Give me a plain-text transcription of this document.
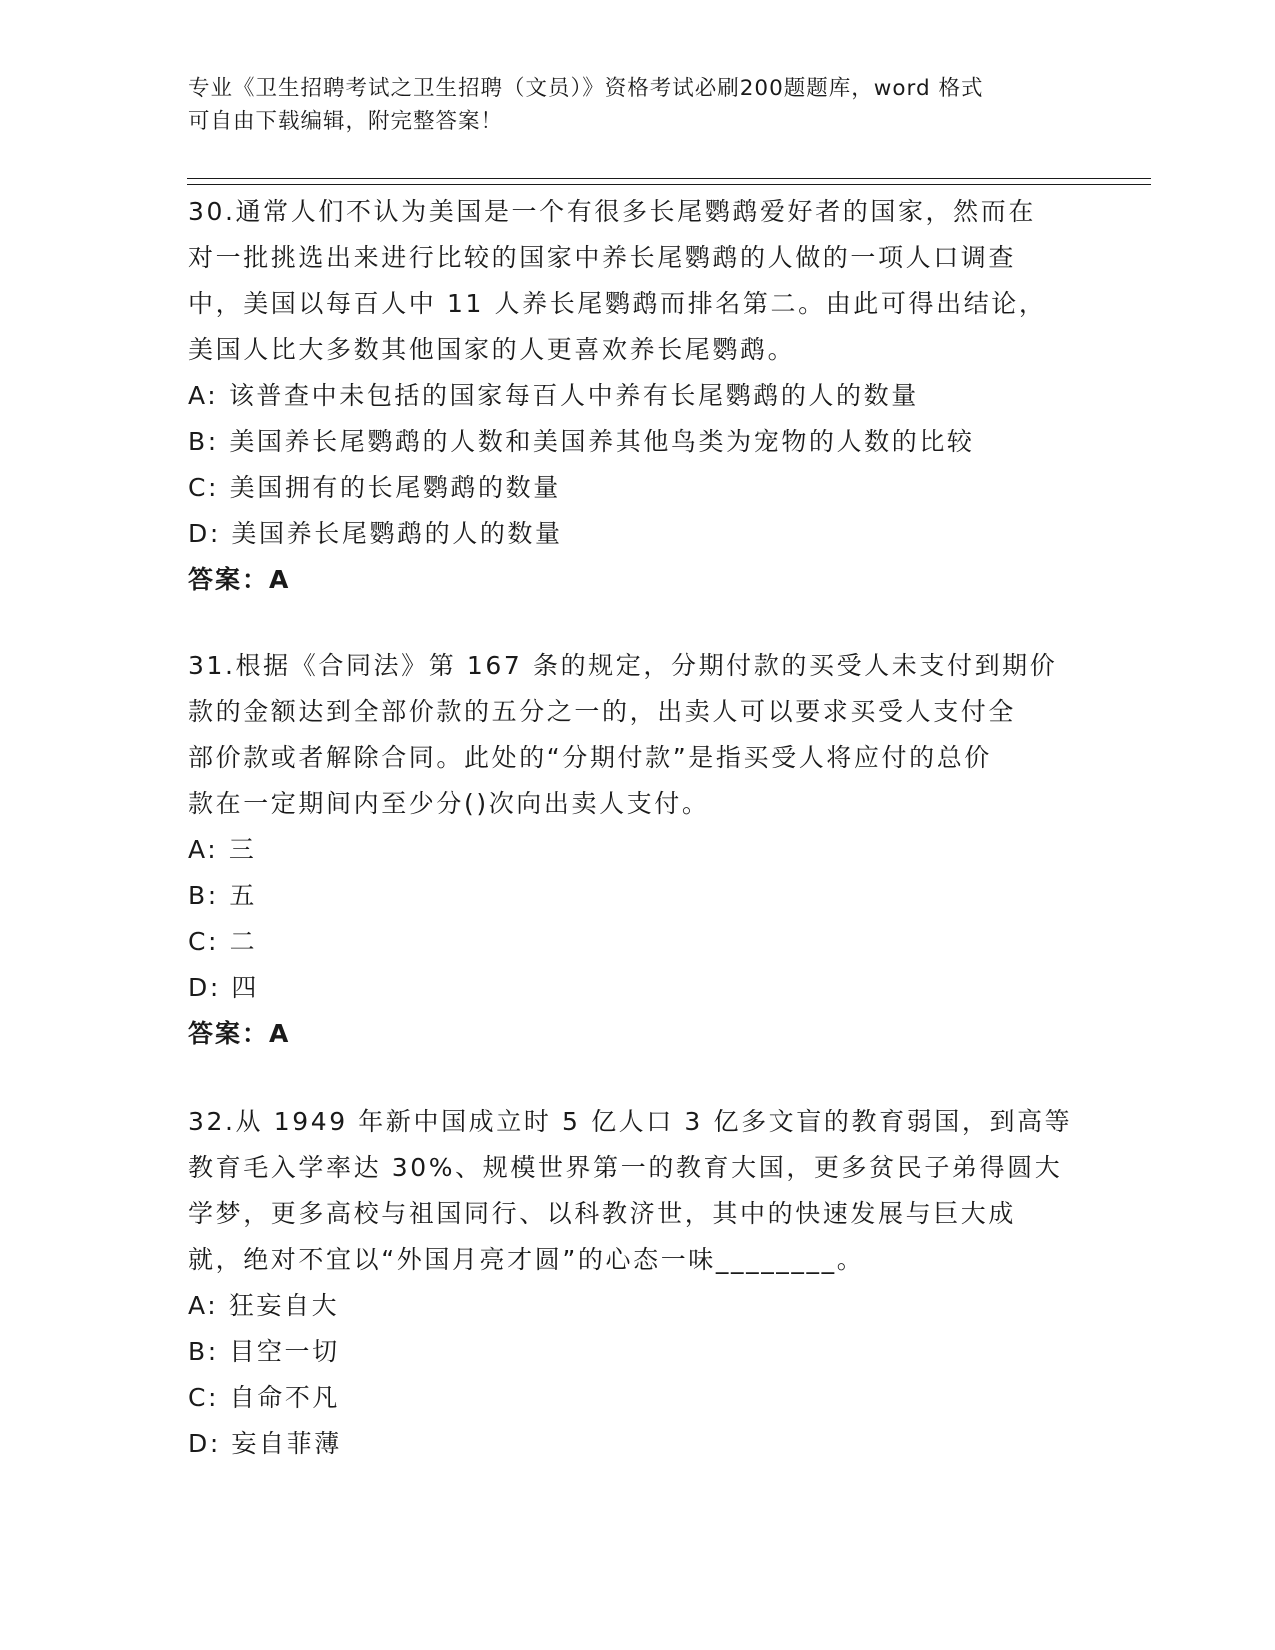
专业《卫生招聘考试之卫生招聘（文员）》资格考试必刷200题题库，word 格式
可自由下载编辑，附完整答案！

30.通常人们不认为美国是一个有很多长尾鹦鹉爱好者的国家，然而在
对一批挑选出来进行比较的国家中养长尾鹦鹉的人做的一项人口调查
中，美国以每百人中 11 人养长尾鹦鹉而排名第二。由此可得出结论，
美国人比大多数其他国家的人更喜欢养长尾鹦鹉。

A: 该普查中未包括的国家每百人中养有长尾鹦鹉的人的数量

B: 美国养长尾鹦鹉的人数和美国养其他鸟类为宠物的人数的比较

C: 美国拥有的长尾鹦鹉的数量

D: 美国养长尾鹦鹉的人的数量

答案：A

31.根据《合同法》第 167 条的规定，分期付款的买受人未支付到期价
款的金额达到全部价款的五分之一的，出卖人可以要求买受人支付全
部价款或者解除合同。此处的“分期付款”是指买受人将应付的总价
款在一定期间内至少分()次向出卖人支付。

A: 三

B: 五

C: 二

D: 四

答案：A

32.从 1949 年新中国成立时 5 亿人口 3 亿多文盲的教育弱国，到高等
教育毛入学率达 30%、规模世界第一的教育大国，更多贫民子弟得圆大
学梦，更多高校与祖国同行、以科教济世，其中的快速发展与巨大成
就，绝对不宜以“外国月亮才圆”的心态一味________。

A: 狂妄自大

B: 目空一切

C: 自命不凡

D: 妄自菲薄
